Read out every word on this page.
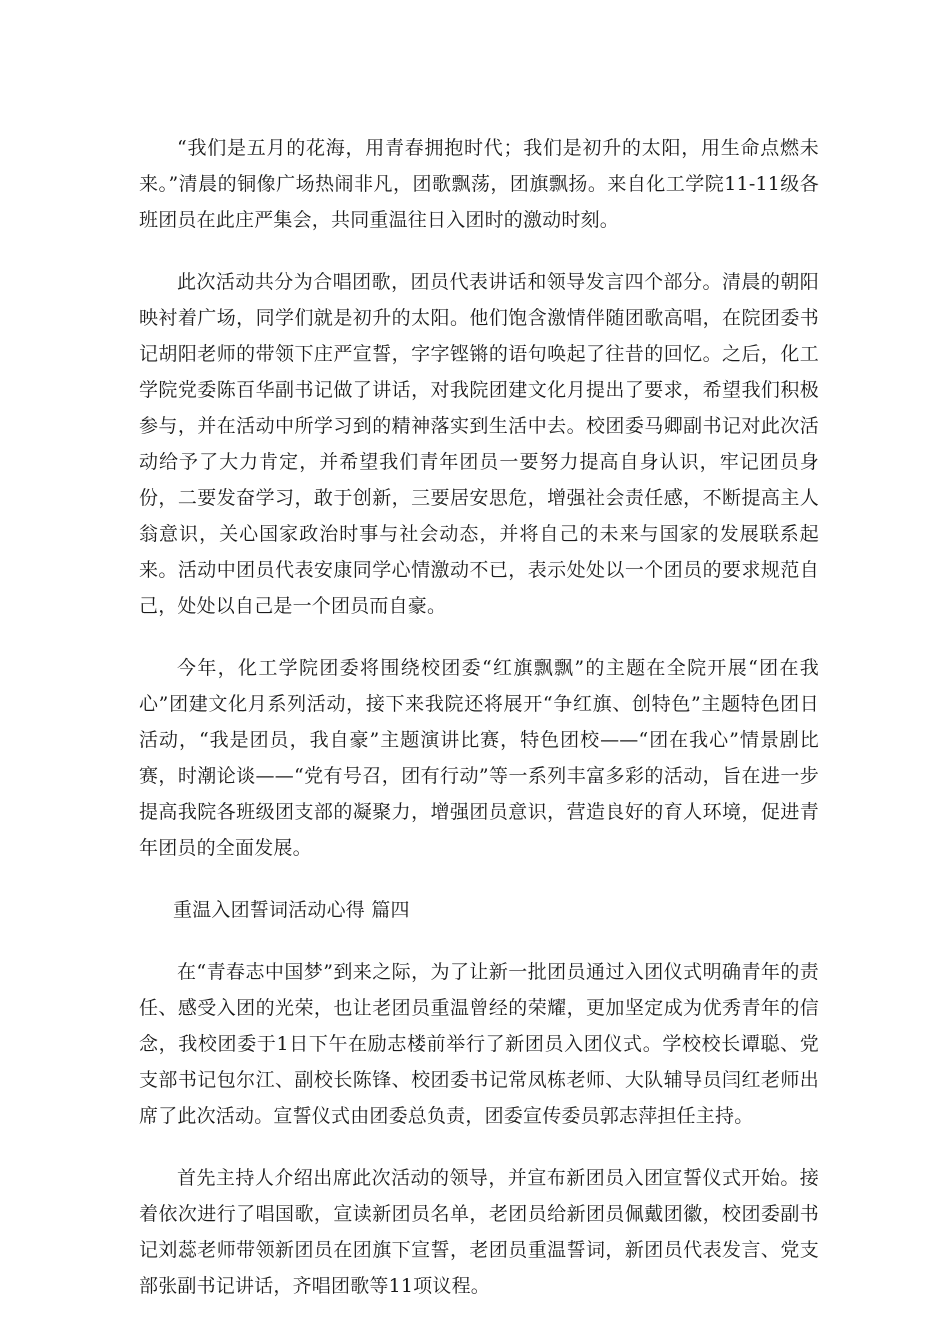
“我们是五月的花海，用青春拥抱时代；我们是初升的太阳，用生命点燃未来。”清晨的铜像广场热闹非凡，团歌飘荡，团旗飘扬。来自化工学院11-11级各班团员在此庄严集会，共同重温往日入团时的激动时刻。

此次活动共分为合唱团歌，团员代表讲话和领导发言四个部分。清晨的朝阳映衬着广场，同学们就是初升的太阳。他们饱含激情伴随团歌高唱，在院团委书记胡阳老师的带领下庄严宣誓，字字铿锵的语句唤起了往昔的回忆。之后，化工学院党委陈百华副书记做了讲话，对我院团建文化月提出了要求，希望我们积极参与，并在活动中所学习到的精神落实到生活中去。校团委马卿副书记对此次活动给予了大力肯定，并希望我们青年团员一要努力提高自身认识，牢记团员身份，二要发奋学习，敢于创新，三要居安思危，增强社会责任感，不断提高主人翁意识，关心国家政治时事与社会动态，并将自己的未来与国家的发展联系起来。活动中团员代表安康同学心情激动不已，表示处处以一个团员的要求规范自己，处处以自己是一个团员而自豪。

今年，化工学院团委将围绕校团委“红旗飘飘”的主题在全院开展“团在我心”团建文化月系列活动，接下来我院还将展开“争红旗、创特色”主题特色团日活动，“我是团员，我自豪”主题演讲比赛，特色团校——“团在我心”情景剧比赛，时潮论谈——“党有号召，团有行动”等一系列丰富多彩的活动，旨在进一步提高我院各班级团支部的凝聚力，增强团员意识，营造良好的育人环境，促进青年团员的全面发展。

重温入团誓词活动心得 篇四

在“青春志中国梦”到来之际，为了让新一批团员通过入团仪式明确青年的责任、感受入团的光荣，也让老团员重温曾经的荣耀，更加坚定成为优秀青年的信念，我校团委于1日下午在励志楼前举行了新团员入团仪式。学校校长谭聪、党支部书记包尔江、副校长陈锋、校团委书记常凤栋老师、大队辅导员闫红老师出席了此次活动。宣誓仪式由团委总负责，团委宣传委员郭志萍担任主持。

首先主持人介绍出席此次活动的领导，并宣布新团员入团宣誓仪式开始。接着依次进行了唱国歌，宣读新团员名单，老团员给新团员佩戴团徽，校团委副书记刘蕊老师带领新团员在团旗下宣誓，老团员重温誓词，新团员代表发言、党支部张副书记讲话，齐唱团歌等11项议程。
